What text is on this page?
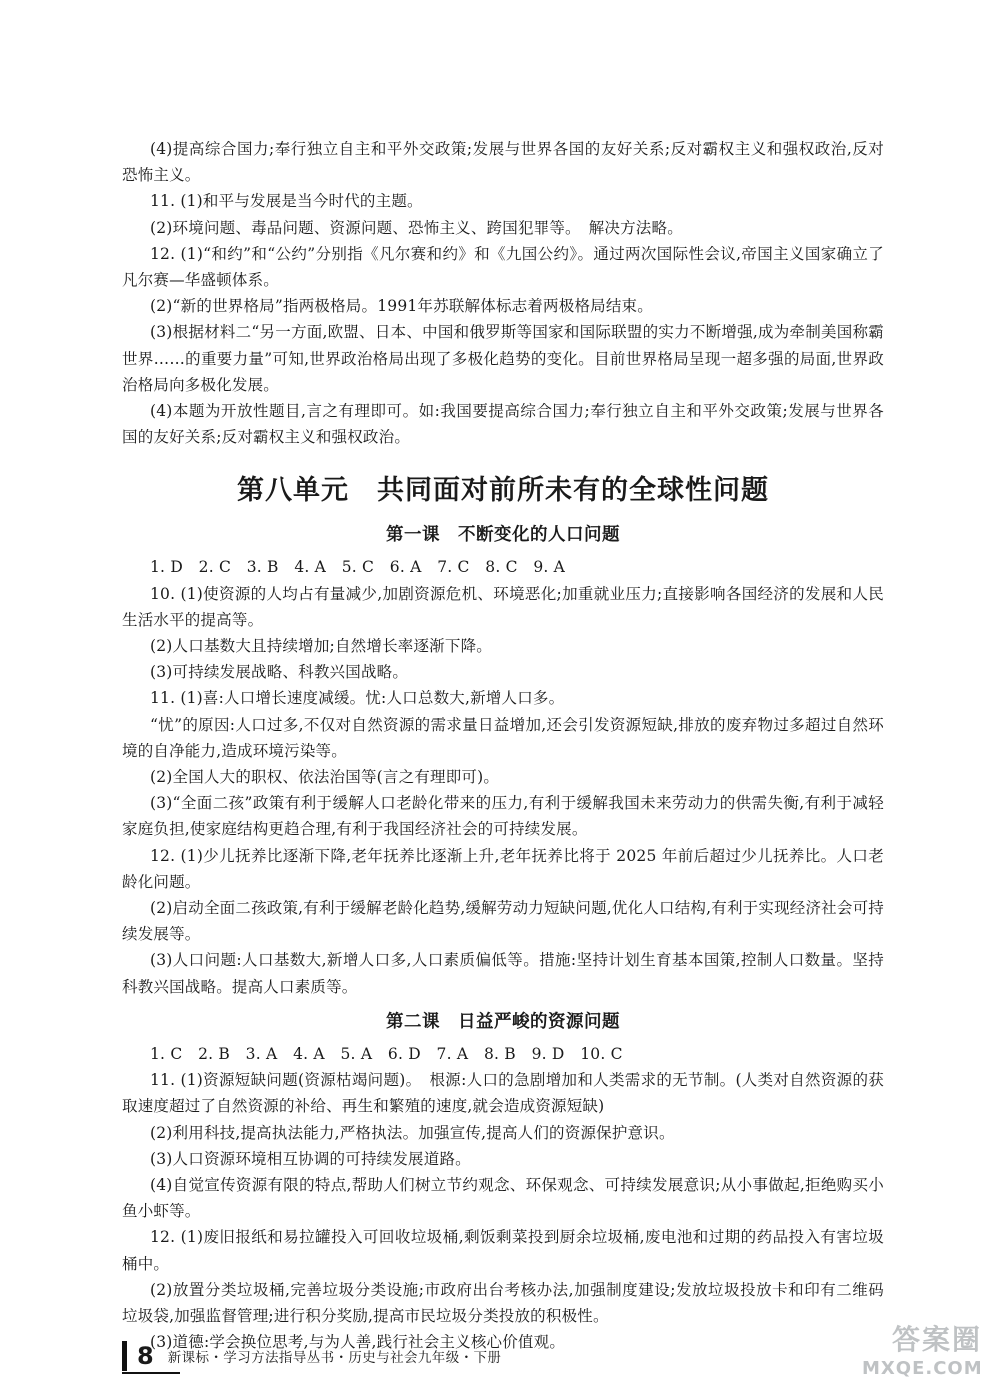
(4)提高综合国力;奉行独立自主和平外交政策;发展与世界各国的友好关系;反对霸权主义和强权政治,反对恐怖主义。

11. (1)和平与发展是当今时代的主题。

(2)环境问题、毒品问题、资源问题、恐怖主义、跨国犯罪等。　解决方法略。

12. (1)“和约”和“公约”分别指《凡尔赛和约》和《九国公约》。通过两次国际性会议,帝国主义国家确立了凡尔赛—华盛顿体系。

(2)“新的世界格局”指两极格局。1991年苏联解体标志着两极格局结束。

(3)根据材料二“另一方面,欧盟、日本、中国和俄罗斯等国家和国际联盟的实力不断增强,成为牵制美国称霸世界……的重要力量”可知,世界政治格局出现了多极化趋势的变化。目前世界格局呈现一超多强的局面,世界政治格局向多极化发展。

(4)本题为开放性题目,言之有理即可。如:我国要提高综合国力;奉行独立自主和平外交政策;发展与世界各国的友好关系;反对霸权主义和强权政治。

第八单元　共同面对前所未有的全球性问题
第一课　不断变化的人口问题

1. D　2. C　3. B　4. A　5. C　6. A　7. C　8. C　9. A

10. (1)使资源的人均占有量减少,加剧资源危机、环境恶化;加重就业压力;直接影响各国经济的发展和人民生活水平的提高等。

(2)人口基数大且持续增加;自然增长率逐渐下降。

(3)可持续发展战略、科教兴国战略。

11. (1)喜:人口增长速度减缓。忧:人口总数大,新增人口多。

“忧”的原因:人口过多,不仅对自然资源的需求量日益增加,还会引发资源短缺,排放的废弃物过多超过自然环境的自净能力,造成环境污染等。

(2)全国人大的职权、依法治国等(言之有理即可)。

(3)“全面二孩”政策有利于缓解人口老龄化带来的压力,有利于缓解我国未来劳动力的供需失衡,有利于减轻家庭负担,使家庭结构更趋合理,有利于我国经济社会的可持续发展。

12. (1)少儿抚养比逐渐下降,老年抚养比逐渐上升,老年抚养比将于 2025 年前后超过少儿抚养比。人口老龄化问题。

(2)启动全面二孩政策,有利于缓解老龄化趋势,缓解劳动力短缺问题,优化人口结构,有利于实现经济社会可持续发展等。

(3)人口问题:人口基数大,新增人口多,人口素质偏低等。措施:坚持计划生育基本国策,控制人口数量。坚持科教兴国战略。提高人口素质等。

第二课　日益严峻的资源问题

1. C　2. B　3. A　4. A　5. A　6. D　7. A　8. B　9. D　10. C

11. (1)资源短缺问题(资源枯竭问题)。　根源:人口的急剧增加和人类需求的无节制。(人类对自然资源的获取速度超过了自然资源的补给、再生和繁殖的速度,就会造成资源短缺)

(2)利用科技,提高执法能力,严格执法。加强宣传,提高人们的资源保护意识。

(3)人口资源环境相互协调的可持续发展道路。

(4)自觉宣传资源有限的特点,帮助人们树立节约观念、环保观念、可持续发展意识;从小事做起,拒绝购买小鱼小虾等。

12. (1)废旧报纸和易拉罐投入可回收垃圾桶,剩饭剩菜投到厨余垃圾桶,废电池和过期的药品投入有害垃圾桶中。

(2)放置分类垃圾桶,完善垃圾分类设施;市政府出台考核办法,加强制度建设;发放垃圾投放卡和印有二维码垃圾袋,加强监督管理;进行积分奖励,提高市民垃圾分类投放的积极性。

(3)道德:学会换位思考,与为人善,践行社会主义核心价值观。

8 新课标・学习方法指导丛书・历史与社会九年级・下册
答案圈
MXQE.COM
